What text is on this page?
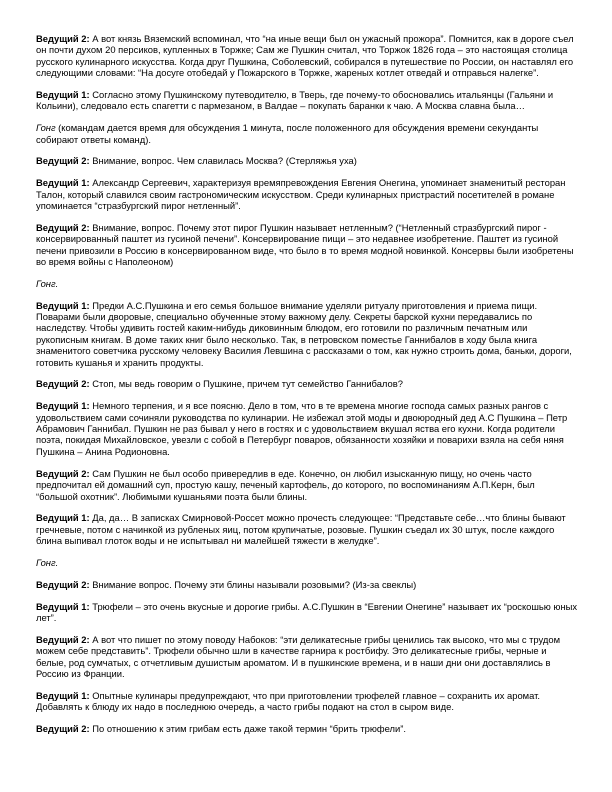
Ведущий 2: А вот князь Вяземский вспоминал, что “на иные вещи был он ужасный прожора”. Помнится, как в дороге съел он почти духом 20 персиков, купленных в Торжке; Сам же Пушкин считал, что Торжок 1826 года – это настоящая столица русского кулинарного искусства. Когда друг Пушкина, Соболевский, собирался в путешествие по России, он наставлял его следующими словами: “На досуге отобедай у Пожарского в Торжке, жареных котлет отведай и отправься налегке”.

Ведущий 1: Согласно этому Пушкинскому путеводителю, в Тверь, где почему-то обосновались итальянцы (Гальяни и Кольини), следовало есть спагетти с пармезаном, в Валдае – покупать баранки к чаю. А Москва славна была…

Гонг (командам дается время для обсуждения 1 минута, после положенного для обсуждения времени секунданты собирают ответы команд).

Ведущий 2: Внимание, вопрос. Чем славилась Москва? (Стерляжья уха)

Ведущий 1: Александр Сергеевич, характеризуя времяпревождения Евгения Онегина, упоминает знаменитый ресторан Талон, который славился своим гастрономическим искусством. Среди кулинарных пристрастий посетителей в романе упоминается “стразбургский пирог нетленный”.

Ведущий 2: Внимание, вопрос. Почему этот пирог Пушкин называет нетленным? (“Нетленный стразбургский пирог - консервированный паштет из гусиной печени”. Консервирование пищи – это недавнее изобретение. Паштет из гусиной печени привозили в Россию в консервированном виде, что было в то время модной новинкой. Консервы были изобретены во время войны с Наполеоном)

Гонг.

Ведущий 1: Предки А.С.Пушкина и его семья большое внимание уделяли ритуалу приготовления и приема пищи. Поварами были дворовые, специально обученные этому важному делу. Секреты барской кухни передавались по наследству. Чтобы удивить гостей каким-нибудь диковинным блюдом, его готовили по различным печатным или рукописным книгам. В доме таких книг было несколько. Так, в петровском поместье Ганнибалов в ходу была книга знаменитого советчика русскому человеку Василия Левшина с рассказами о том, как нужно строить дома, баньки, дороги, готовить кушанья и хранить продукты.

Ведущий 2: Стоп, мы ведь говорим о Пушкине, причем тут семейство Ганнибалов?

Ведущий 1: Немного терпения, и я все поясню. Дело в том, что в те времена многие господа самых разных рангов с удовольствием сами сочиняли руководства по кулинарии. Не избежал этой моды и двоюродный дед А.С Пушкина – Петр Абрамович Ганнибал. Пушкин не раз бывал у него в гостях и с удовольствием вкушал яства его кухни. Когда родители поэта, покидая Михайловское, увезли с собой в Петербург поваров, обязанности хозяйки и поварихи взяла на себя няня Пушкина – Анина Родионовна.

Ведущий 2: Сам Пушкин не был особо привередлив в еде. Конечно, он любил изысканную пищу, но очень часто предпочитал ей домашний суп, простую кашу, печеный картофель, до которого, по воспоминаниям А.П.Керн, был “большой охотник”. Любимыми кушаньями поэта были блины.

Ведущий 1: Да, да… В записках Смирновой-Россет можно прочесть следующее: “Представьте себе…что блины бывают гречневые, потом с начинкой из рубленых яиц, потом крупичатые, розовые. Пушкин съедал их 30 штук, после каждого блина выпивал глоток воды и не испытывал ни малейшей тяжести в желудке”.

Гонг.

Ведущий 2: Внимание вопрос. Почему эти блины называли розовыми? (Из-за свеклы)

Ведущий 1: Трюфели – это очень вкусные и дорогие грибы. А.С.Пушкин в “Евгении Онегине” называет их “роскошью юных лет”.

Ведущий 2: А вот что пишет по этому поводу Набоков: “эти деликатесные грибы ценились так высоко, что мы с трудом можем себе представить”. Трюфели обычно шли в качестве гарнира к ростбифу. Это деликатесные грибы, черные и белые, род сумчатых, с отчетливым душистым ароматом. И в пушкинские времена, и в наши дни они доставлялись в Россию из Франции.

Ведущий 1: Опытные кулинары предупреждают, что при приготовлении трюфелей главное – сохранить их аромат. Добавлять к блюду их надо в последнюю очередь, а часто грибы подают на стол в сыром виде.

Ведущий 2: По отношению к этим грибам есть даже такой термин “брить трюфели”.
